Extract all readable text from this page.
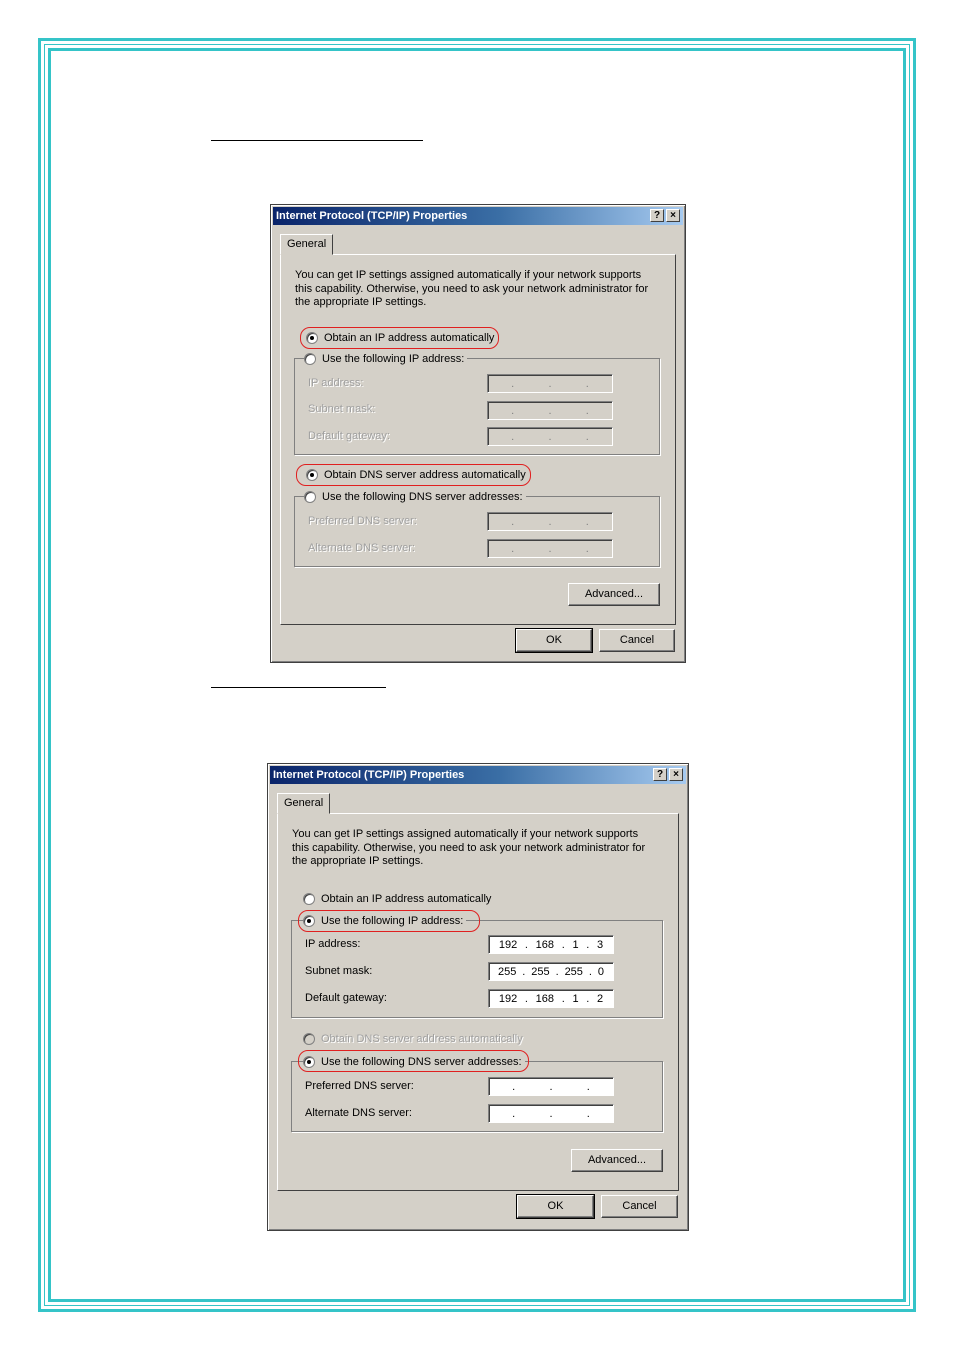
Internet Protocol (TCP/IP) Properties	?	×
General
You can get IP settings assigned automatically if your network supports this capability. Otherwise, you need to ask your network administrator for the appropriate IP settings.
Obtain an IP address automatically
Use the following IP address:
IP address:	.	.	.
Subnet mask:	.	.	.
Default gateway:	.	.	.
Obtain DNS server address automatically
Use the following DNS server addresses:
Preferred DNS server:	.	.	.
Alternate DNS server:	.	.	.
Advanced...
OK	Cancel
Internet Protocol (TCP/IP) Properties	?	×
General
You can get IP settings assigned automatically if your network supports this capability. Otherwise, you need to ask your network administrator for the appropriate IP settings.
Obtain an IP address automatically
Use the following IP address:
IP address:	192 . 168 . 1 . 3
Subnet mask:	255 . 255 . 255 . 0
Default gateway:	192 . 168 . 1 . 2
Obtain DNS server address automatically
Use the following DNS server addresses:
Preferred DNS server:	.	.	.
Alternate DNS server:	.	.	.
Advanced...
OK	Cancel
